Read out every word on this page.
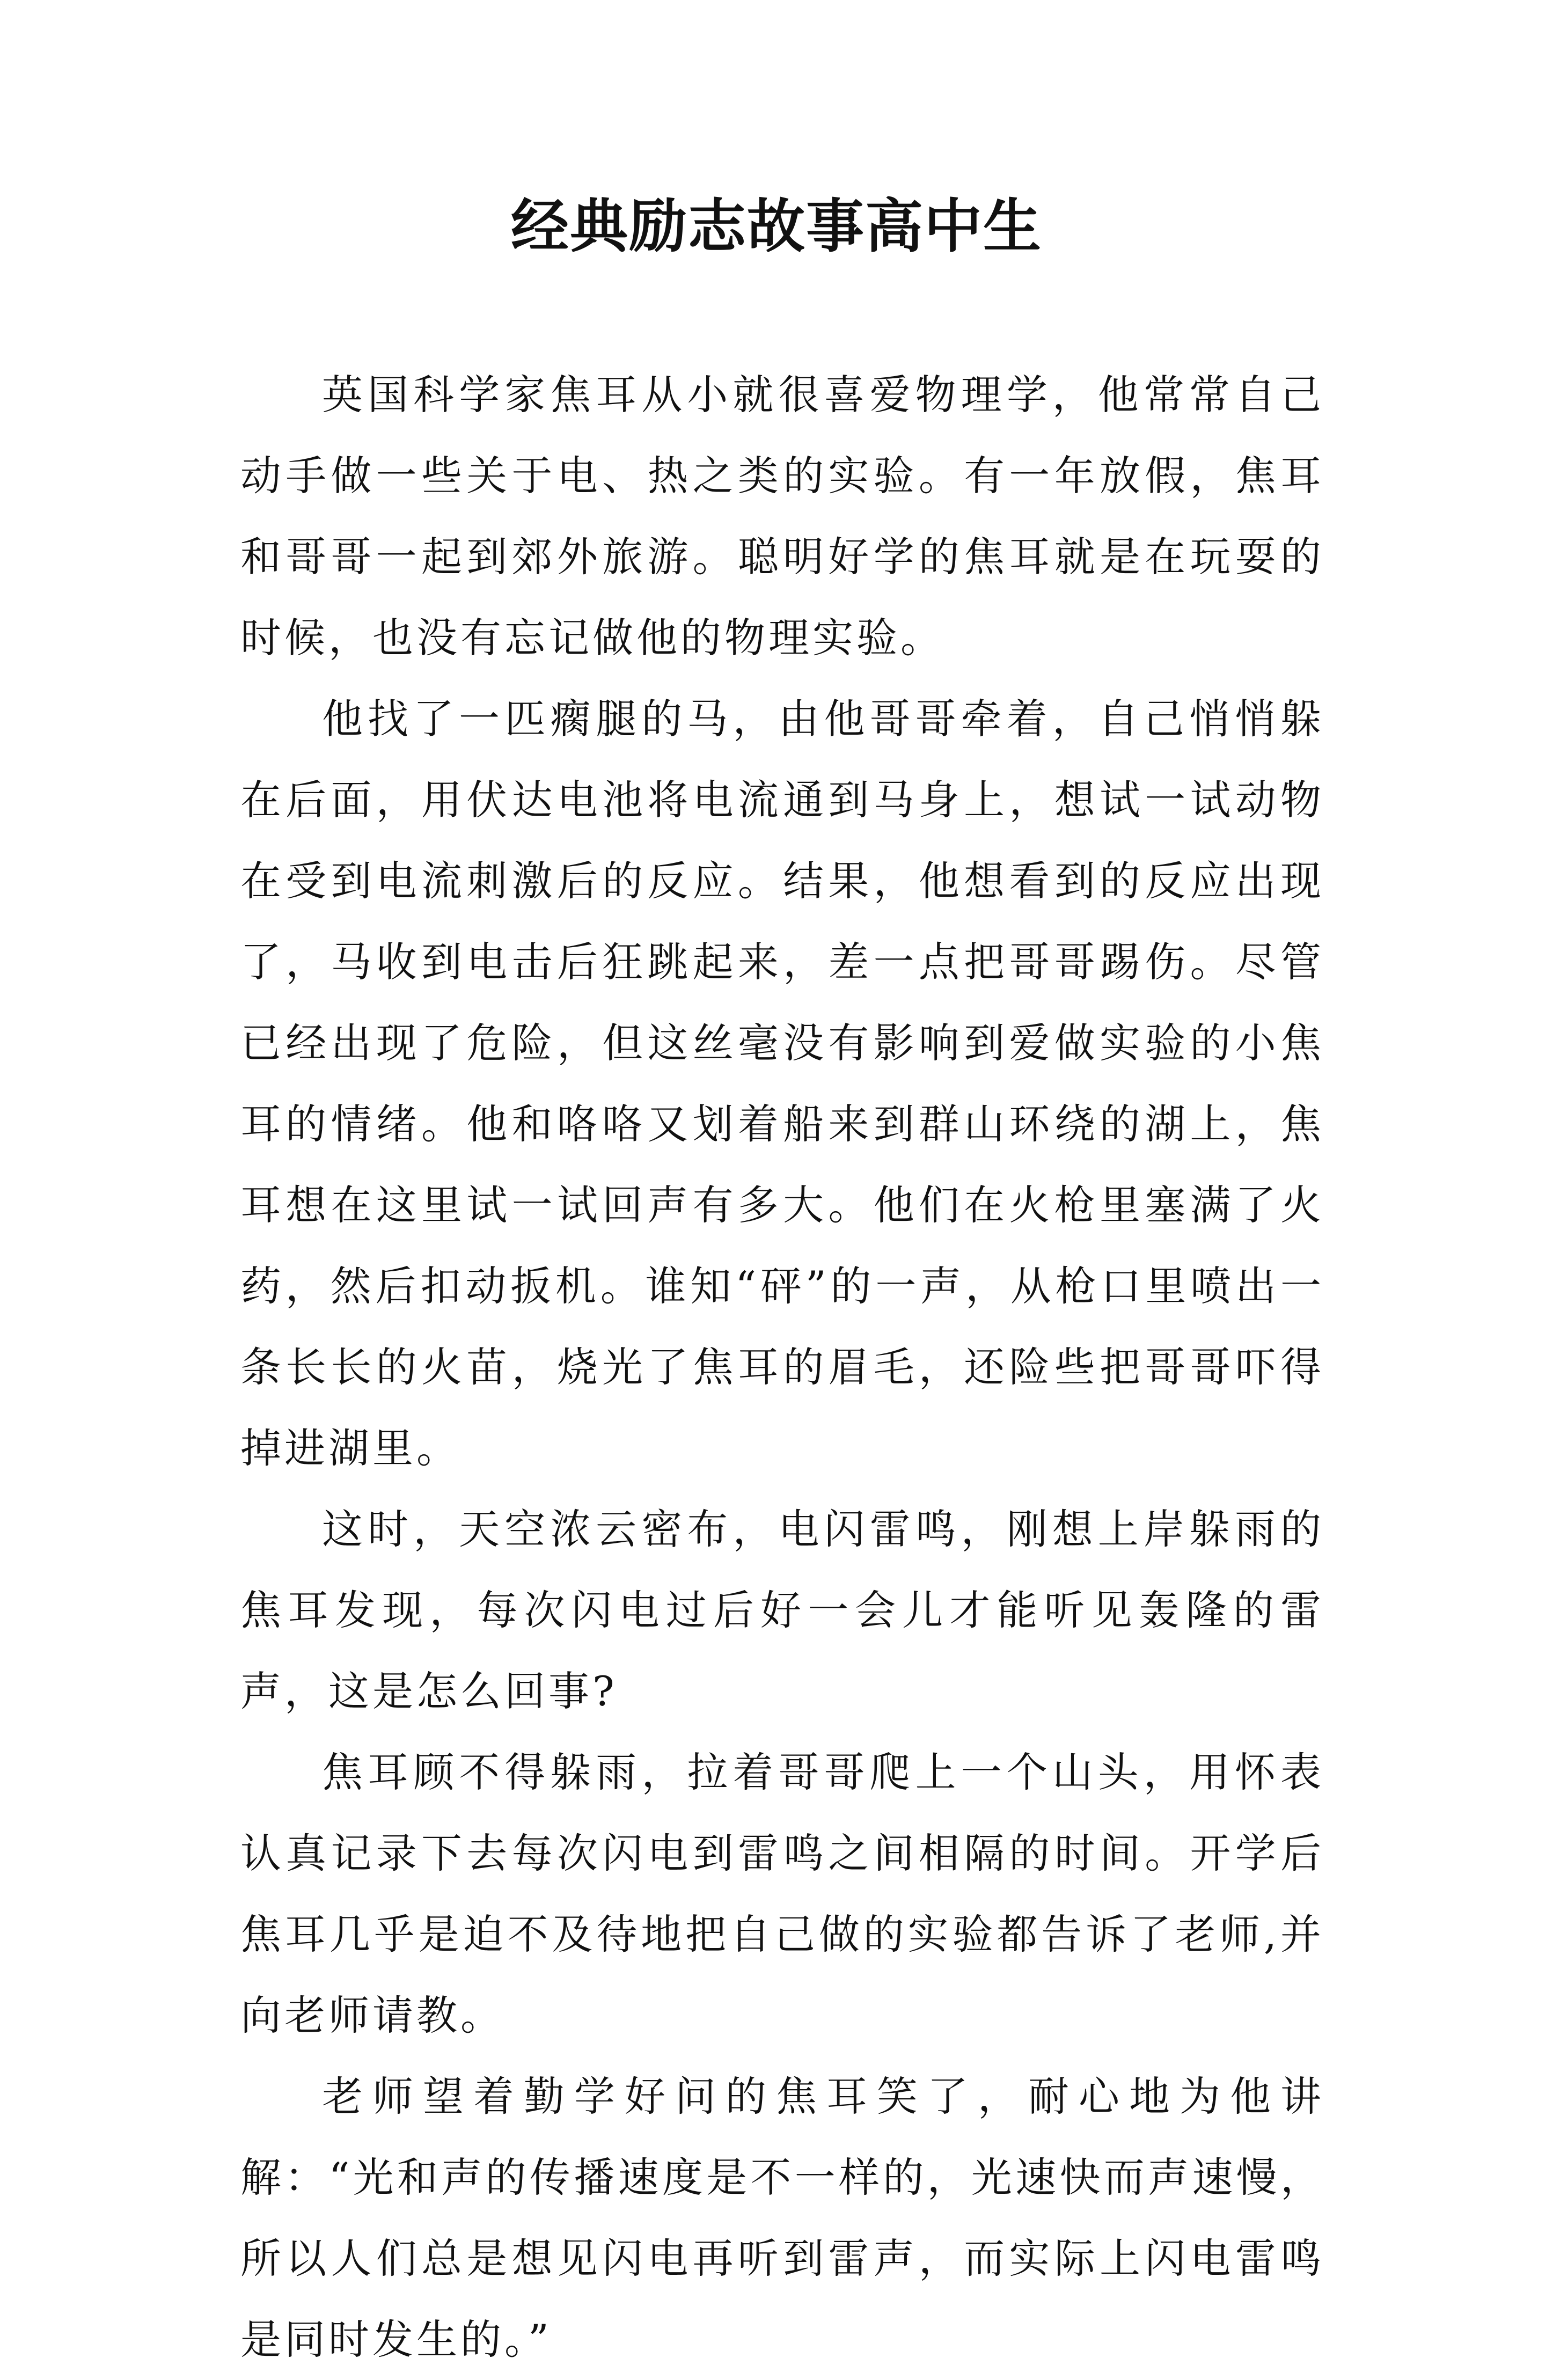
经典励志故事高中生

英国科学家焦耳从小就很喜爱物理学，他常常自己动手做一些关于电、热之类的实验。有一年放假，焦耳和哥哥一起到郊外旅游。聪明好学的焦耳就是在玩耍的时候，也没有忘记做他的物理实验。

他找了一匹瘸腿的马，由他哥哥牵着，自己悄悄躲在后面，用伏达电池将电流通到马身上，想试一试动物在受到电流刺激后的反应。结果，他想看到的反应出现了，马收到电击后狂跳起来，差一点把哥哥踢伤。尽管已经出现了危险，但这丝毫没有影响到爱做实验的小焦耳的情绪。他和咯咯又划着船来到群山环绕的湖上，焦耳想在这里试一试回声有多大。他们在火枪里塞满了火药，然后扣动扳机。谁知“砰”的一声，从枪口里喷出一条长长的火苗，烧光了焦耳的眉毛，还险些把哥哥吓得掉进湖里。

这时，天空浓云密布，电闪雷鸣，刚想上岸躲雨的焦耳发现，每次闪电过后好一会儿才能听见轰隆的雷声，这是怎么回事?

焦耳顾不得躲雨，拉着哥哥爬上一个山头，用怀表认真记录下去每次闪电到雷鸣之间相隔的时间。开学后焦耳几乎是迫不及待地把自己做的实验都告诉了老师,并向老师请教。

老师望着勤学好问的焦耳笑了，耐心地为他讲解：“光和声的传播速度是不一样的，光速快而声速慢，所以人们总是想见闪电再听到雷声，而实际上闪电雷鸣是同时发生的。”
